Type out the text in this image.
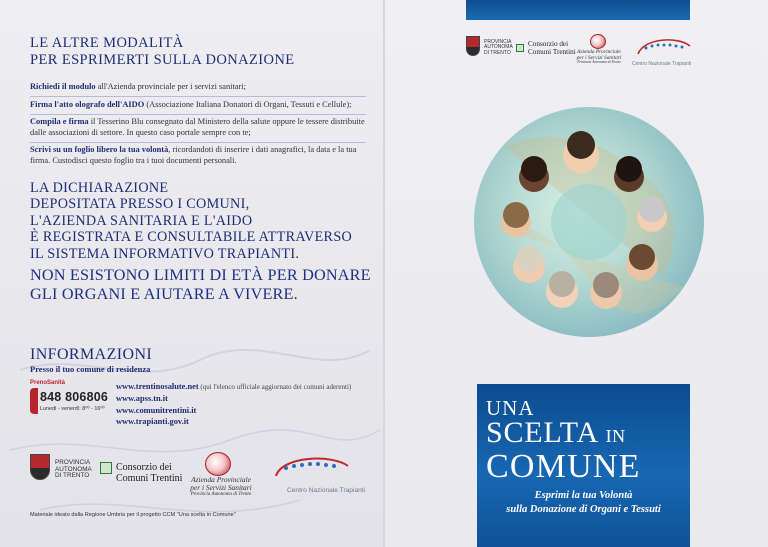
LE ALTRE MODALITÀ
PER ESPRIMERTI SULLA DONAZIONE
Richiedi il modulo all'Azienda provinciale per i servizi sanitari;
Firma l'atto olografo dell'AIDO (Associazione Italiana Donatori di Organi, Tessuti e Cellule);
Compila e firma il Tesserino Blu consegnato dal Ministero della salute oppure le tessere distribuite dalle associazioni di settore. In questo caso portale sempre con te;
Scrivi su un foglio libero la tua volontà, ricordandoti di inserire i dati anagrafici, la data e la tua firma. Custodisci questo foglio tra i tuoi documenti personali.
LA DICHIARAZIONE
DEPOSITATA PRESSO I COMUNI,
L'AZIENDA SANITARIA E L'AIDO
È REGISTRATA E CONSULTABILE ATTRAVERSO
IL SISTEMA INFORMATIVO TRAPIANTI.
NON ESISTONO LIMITI DI ETÀ PER DONARE
GLI ORGANI E AIUTARE A VIVERE.
INFORMAZIONI
Presso il tuo comune di residenza
PrenoSanità
848 806806
Lunedì - venerdì: 8⁰⁰ - 16⁰⁰
www.trentinosalute.net (qui l'elenco ufficiale aggiornato dei comuni aderenti)
www.apss.tn.it
www.comunitrentini.it
www.trapianti.gov.it
PROVINCIA
AUTONOMA
DI TRENTO
Consorzio dei
Comuni Trentini	Azienda Provinciale
per i Servizi Sanitari
Provincia Autonoma di Trento
Centro Nazionale Trapianti
Materiale ideato dalla Regione Umbria per il progetto CCM "Una scelta in Comune"
PROVINCIA
AUTONOMA
DI TRENTO
Consorzio dei
Comuni Trentini Azienda Provinciale
per i Servizi Sanitari
Provincia Autonoma di Trento	Centro Nazionale Trapianti
UNA
SCELTA IN
COMUNE
Esprimi la tua Volontà
sulla Donazione di Organi e Tessuti
